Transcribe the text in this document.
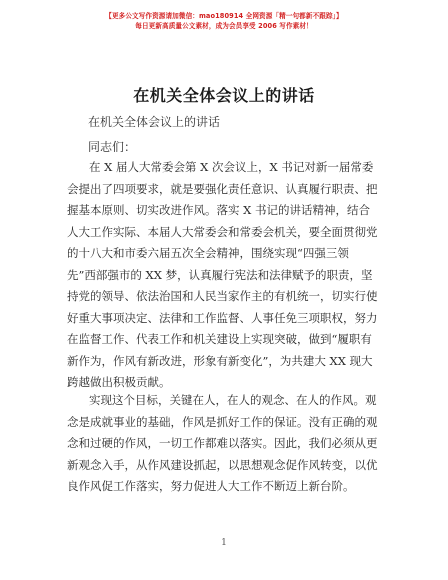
【更多公文写作资源请加微信：mao180914 全网资源「精一句都新不跟踪」】
每日更新高质量公文素材，成为会员享受 2006 写作素材！
在机关全体会议上的讲话
在机关全体会议上的讲话
同志们：
在 X 届人大常委会第 X 次会议上，X 书记对新一届常委
会提出了四项要求，就是要强化责任意识、认真履行职责、把
握基本原则、切实改进作风。落实 X 书记的讲话精神，结合
人大工作实际、本届人大常委会和常委会机关，要全面贯彻党
的十八大和市委六届五次全会精神，围绕实现“四强三领
先”西部强市的 XX 梦，认真履行宪法和法律赋予的职责，坚
持党的领导、依法治国和人民当家作主的有机统一，切实行使
好重大事项决定、法律和工作监督、人事任免三项职权，努力
在监督工作、代表工作和机关建设上实现突破，做到“履职有
新作为，作风有新改进，形象有新变化”，为共建大 XX 现大
跨越做出积极贡献。
实现这个目标，关键在人，在人的观念、在人的作风。观
念是成就事业的基础，作风是抓好工作的保证。没有正确的观
念和过硬的作风，一切工作都难以落实。因此，我们必须从更
新观念入手，从作风建设抓起，以思想观念促作风转变，以优
良作风促工作落实，努力促进人大工作不断迈上新台阶。
1
